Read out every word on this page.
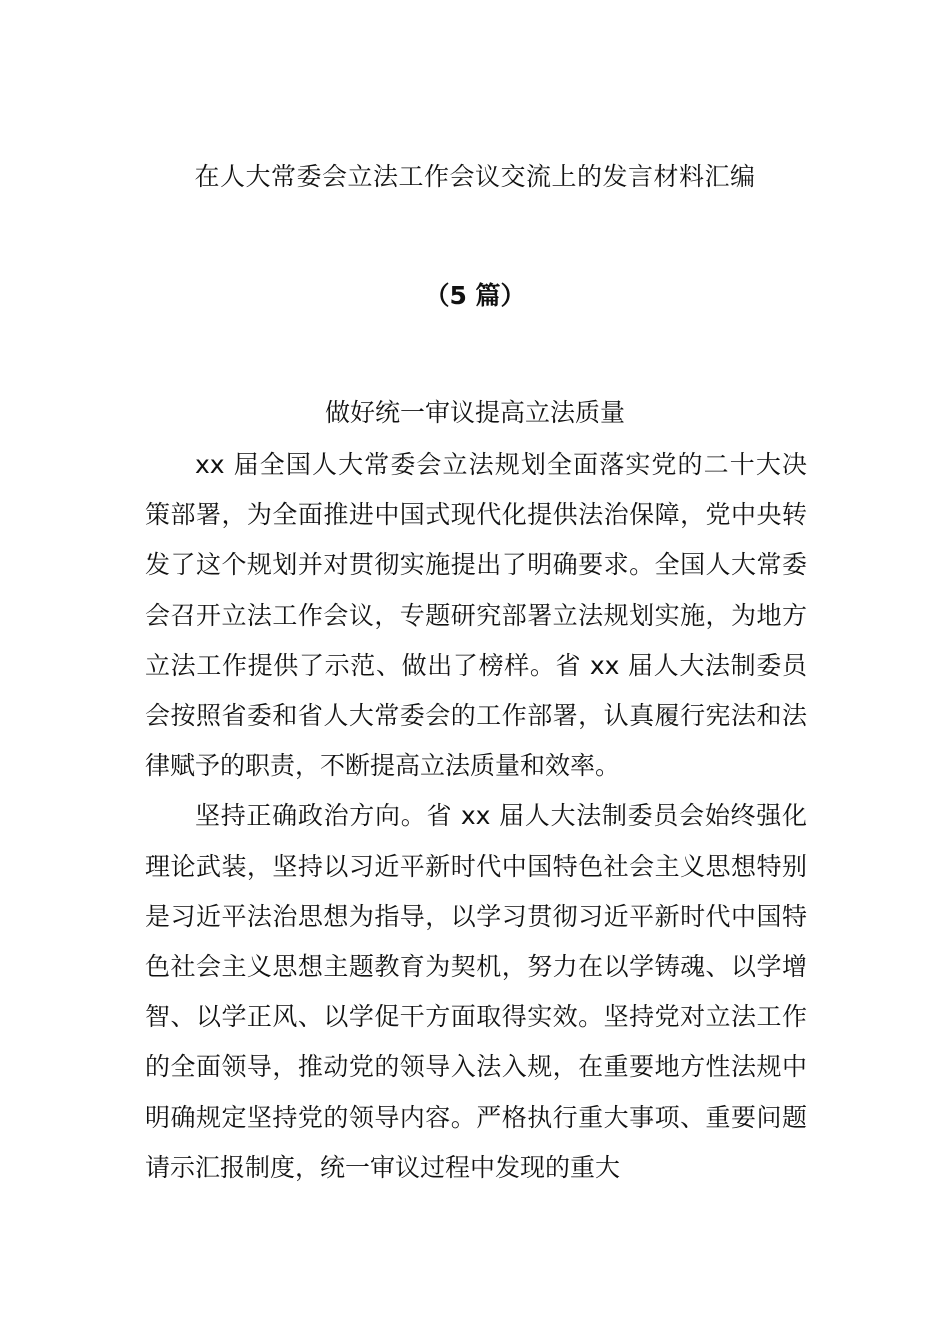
在人大常委会立法工作会议交流上的发言材料汇编
（5 篇）
做好统一审议提高立法质量

xx 届全国人大常委会立法规划全面落实党的二十大决策部署，为全面推进中国式现代化提供法治保障，党中央转发了这个规划并对贯彻实施提出了明确要求。全国人大常委会召开立法工作会议，专题研究部署立法规划实施，为地方立法工作提供了示范、做出了榜样。省 xx 届人大法制委员会按照省委和省人大常委会的工作部署，认真履行宪法和法律赋予的职责，不断提高立法质量和效率。

坚持正确政治方向。省 xx 届人大法制委员会始终强化理论武装，坚持以习近平新时代中国特色社会主义思想特别是习近平法治思想为指导，以学习贯彻习近平新时代中国特色社会主义思想主题教育为契机，努力在以学铸魂、以学增智、以学正风、以学促干方面取得实效。坚持党对立法工作的全面领导，推动党的领导入法入规，在重要地方性法规中明确规定坚持党的领导内容。严格执行重大事项、重要问题请示汇报制度，统一审议过程中发现的重大
